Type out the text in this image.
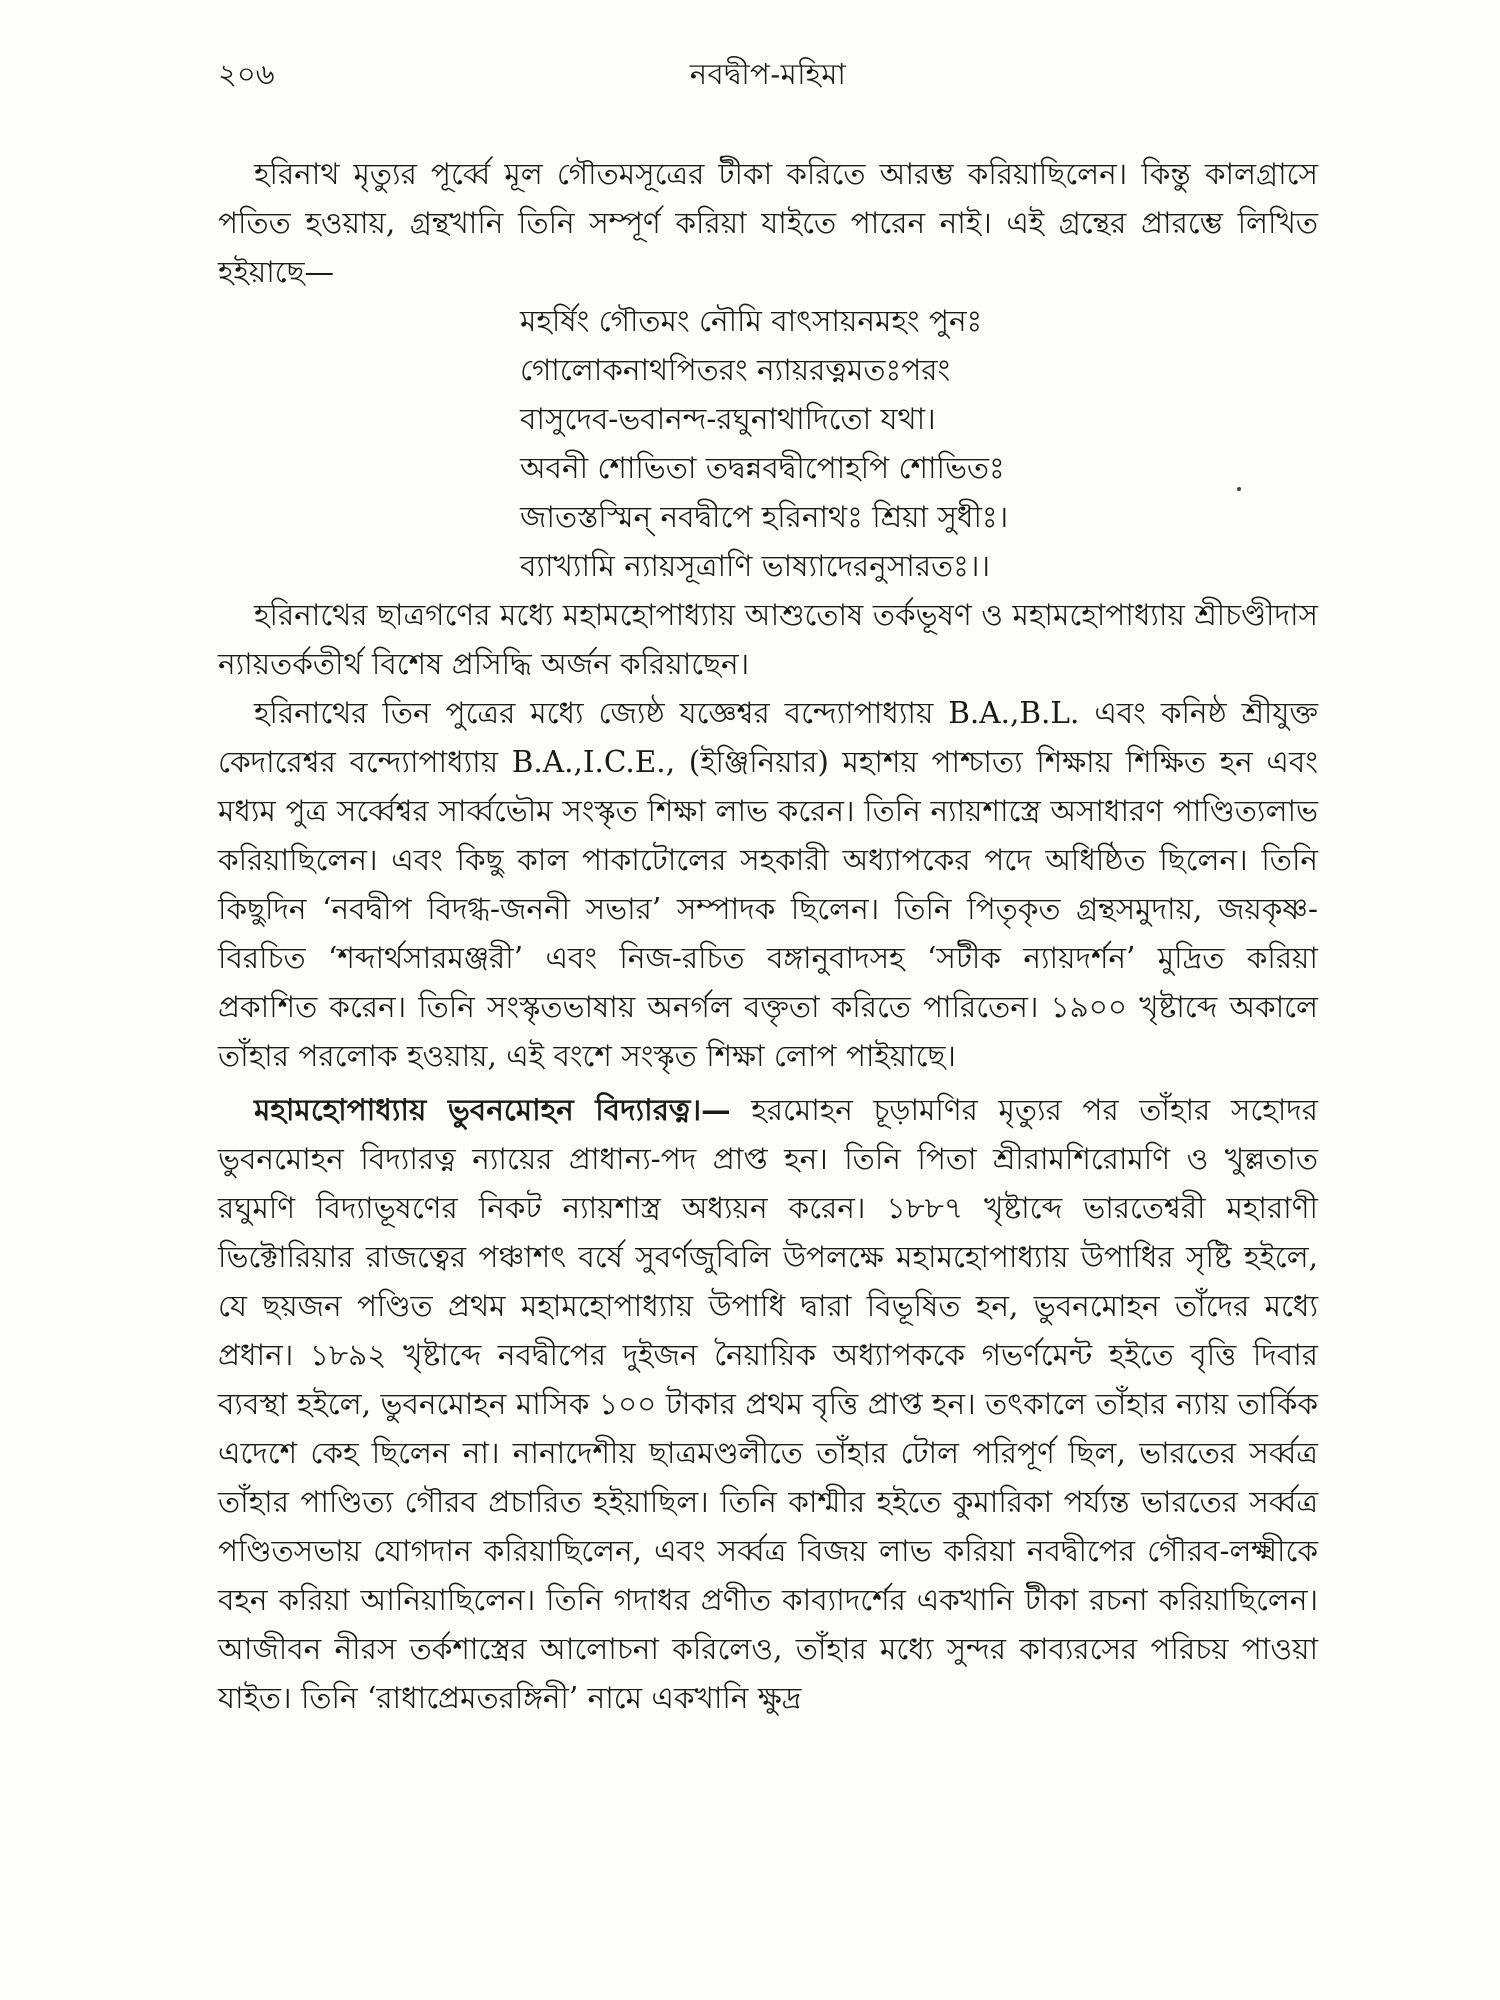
নবদ্বীপ-মহিমা
২০৬

হরিনাথ মৃত্যুর পূর্ব্বে মূল গৌতমসূত্রের টীকা করিতে আরম্ভ করিয়াছিলেন। কিন্তু কালগ্রাসে পতিত হওয়ায়, গ্রন্থখানি তিনি সম্পূর্ণ করিয়া যাইতে পারেন নাই। এই গ্রন্থের প্রারম্ভে লিখিত হইয়াছে—

মহর্ষিং গৌতমং নৌমি বাৎসায়নমহং পুনঃ
গোলোকনাথপিতরং ন্যায়রত্নমতঃপরং
বাসুদেব-ভবানন্দ-রঘুনাথাদিতো যথা।
অবনী শোভিতা তদ্বন্নবদ্বীপোহপি শোভিতঃ
জাতস্তস্মিন্ নবদ্বীপে হরিনাথঃ শ্রিয়া সুধীঃ।
ব্যাখ্যামি ন্যায়সূত্রাণি ভাষ্যাদেরনুসারতঃ।।

হরিনাথের ছাত্রগণের মধ্যে মহামহোপাধ্যায় আশুতোষ তর্কভূষণ ও মহামহোপাধ্যায় শ্রীচণ্ডীদাস ন্যায়তর্কতীর্থ বিশেষ প্রসিদ্ধি অর্জন করিয়াছেন।

হরিনাথের তিন পুত্রের মধ্যে জ্যেষ্ঠ যজ্ঞেশ্বর বন্দ্যোপাধ্যায় B.A.,B.L. এবং কনিষ্ঠ শ্রীযুক্ত কেদারেশ্বর বন্দ্যোপাধ্যায় B.A.,I.C.E., (ইঞ্জিনিয়ার) মহাশয় পাশ্চাত্য শিক্ষায় শিক্ষিত হন এবং মধ্যম পুত্র সর্ব্বেশ্বর সার্ব্বভৌম সংস্কৃত শিক্ষা লাভ করেন। তিনি ন্যায়শাস্ত্রে অসাধারণ পাণ্ডিত্যলাভ করিয়াছিলেন। এবং কিছু কাল পাকাটোলের সহকারী অধ্যাপকের পদে অধিষ্ঠিত ছিলেন। তিনি কিছুদিন ‘নবদ্বীপ বিদগ্ধ-জননী সভার’ সম্পাদক ছিলেন। তিনি পিতৃকৃত গ্রন্থসমুদায়, জয়কৃষ্ণ-বিরচিত ‘শব্দার্থসারমঞ্জরী’ এবং নিজ-রচিত বঙ্গানুবাদসহ ‘সটীক ন্যায়দর্শন’ মুদ্রিত করিয়া প্রকাশিত করেন। তিনি সংস্কৃতভাষায় অনর্গল বক্তৃতা করিতে পারিতেন। ১৯০০ খৃষ্টাব্দে অকালে তাঁহার পরলোক হওয়ায়, এই বংশে সংস্কৃত শিক্ষা লোপ পাইয়াছে।

মহামহোপাধ্যায় ভুবনমোহন বিদ্যারত্ন।— হরমোহন চূড়ামণির মৃত্যুর পর তাঁহার সহোদর ভুবনমোহন বিদ্যারত্ন ন্যায়ের প্রাধান্য-পদ প্রাপ্ত হন। তিনি পিতা শ্রীরামশিরোমণি ও খুল্লতাত রঘুমণি বিদ্যাভূষণের নিকট ন্যায়শাস্ত্র অধ্যয়ন করেন। ১৮৮৭ খৃষ্টাব্দে ভারতেশ্বরী মহারাণী ভিক্টোরিয়ার রাজত্বের পঞ্চাশৎ বর্ষে সুবর্ণজুবিলি উপলক্ষে মহামহোপাধ্যায় উপাধির সৃষ্টি হইলে, যে ছয়জন পণ্ডিত প্রথম মহামহোপাধ্যায় উপাধি দ্বারা বিভূষিত হন, ভুবনমোহন তাঁদের মধ্যে প্রধান। ১৮৯২ খৃষ্টাব্দে নবদ্বীপের দুইজন নৈয়ায়িক অধ্যাপককে গভর্ণমেন্ট হইতে বৃত্তি দিবার ব্যবস্থা হইলে, ভুবনমোহন মাসিক ১০০ টাকার প্রথম বৃত্তি প্রাপ্ত হন। তৎকালে তাঁহার ন্যায় তার্কিক এদেশে কেহ ছিলেন না। নানাদেশীয় ছাত্রমণ্ডলীতে তাঁহার টোল পরিপূর্ণ ছিল, ভারতের সর্ব্বত্র তাঁহার পাণ্ডিত্য গৌরব প্রচারিত হইয়াছিল। তিনি কাশ্মীর হইতে কুমারিকা পর্য্যন্ত ভারতের সর্ব্বত্র পণ্ডিতসভায় যোগদান করিয়াছিলেন, এবং সর্ব্বত্র বিজয় লাভ করিয়া নবদ্বীপের গৌরব-লক্ষ্মীকে বহন করিয়া আনিয়াছিলেন। তিনি গদাধর প্রণীত কাব্যাদর্শের একখানি টীকা রচনা করিয়াছিলেন। আজীবন নীরস তর্কশাস্ত্রের আলোচনা করিলেও, তাঁহার মধ্যে সুন্দর কাব্যরসের পরিচয় পাওয়া যাইত। তিনি ‘রাধাপ্রেমতরঙ্গিনী’ নামে একখানি ক্ষুদ্র
